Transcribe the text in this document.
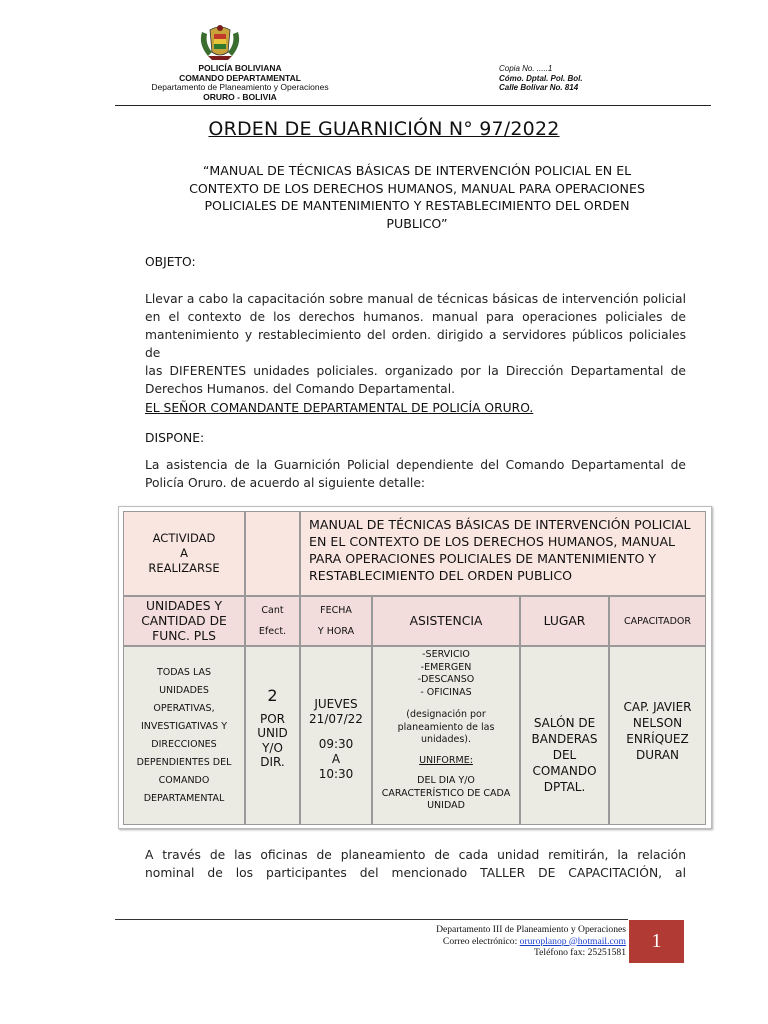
POLICÍA BOLIVIANA
COMANDO DEPARTAMENTAL
Departamento de Planeamiento y Operaciones
ORURO - BOLIVIA
Copia No. .....1
Cómo. Dptal. Pol. Bol.
Calle Bolívar No. 814
ORDEN DE GUARNICIÓN N° 97/2022
“MANUAL DE TÉCNICAS BÁSICAS DE INTERVENCIÓN POLICIAL EN EL
CONTEXTO DE LOS DERECHOS HUMANOS, MANUAL PARA OPERACIONES
POLICIALES DE MANTENIMIENTO Y RESTABLECIMIENTO DEL ORDEN
PUBLICO”
OBJETO:
Llevar a cabo la capacitación sobre manual de técnicas básicas de intervención policial
en el contexto de los derechos humanos. manual para operaciones policiales de
mantenimiento y restablecimiento del orden. dirigido a servidores públicos policiales de
las DIFERENTES unidades policiales. organizado por la Dirección Departamental de
Derechos Humanos. del Comando Departamental.
EL SEÑOR COMANDANTE DEPARTAMENTAL DE POLICÍA ORURO.
DISPONE:
La asistencia de la Guarnición Policial dependiente del Comando Departamental de
Policía Oruro. de acuerdo al siguiente detalle:
ACTIVIDAD
A
REALIZARSE
MANUAL DE TÉCNICAS BÁSICAS DE INTERVENCIÓN POLICIAL
EN EL CONTEXTO DE LOS DERECHOS HUMANOS, MANUAL
PARA OPERACIONES POLICIALES DE MANTENIMIENTO Y
RESTABLECIMIENTO DEL ORDEN PUBLICO
UNIDADES Y
CANTIDAD DE
FUNC. PLS
Cant
Efect.
FECHA
Y HORA
ASISTENCIA	LUGAR	CAPACITADOR
TODAS LAS
UNIDADES
OPERATIVAS,
INVESTIGATIVAS Y
DIRECCIONES
DEPENDIENTES DEL
COMANDO
DEPARTAMENTAL
2
POR
UNID
Y/O
DIR.
JUEVES
21/07/22
09:30
A
10:30
-SERVICIO
-EMERGEN
-DESCANSO
- OFICINAS
(designación por
planeamiento de las
unidades).
UNIFORME:
DEL DIA Y/O
CARACTERÍSTICO DE CADA
UNIDAD
SALÓN DE
BANDERAS
DEL
COMANDO
DPTAL.
CAP. JAVIER
NELSON
ENRÍQUEZ
DURAN
A través de las oficinas de planeamiento de cada unidad remitirán, la relación
nominal de los participantes del mencionado TALLER DE CAPACITACIÓN, al
Departamento III de Planeamiento y Operaciones
Correo electrónico: oruroplanop @hotmail.com
Teléfono fax: 25251581
1
